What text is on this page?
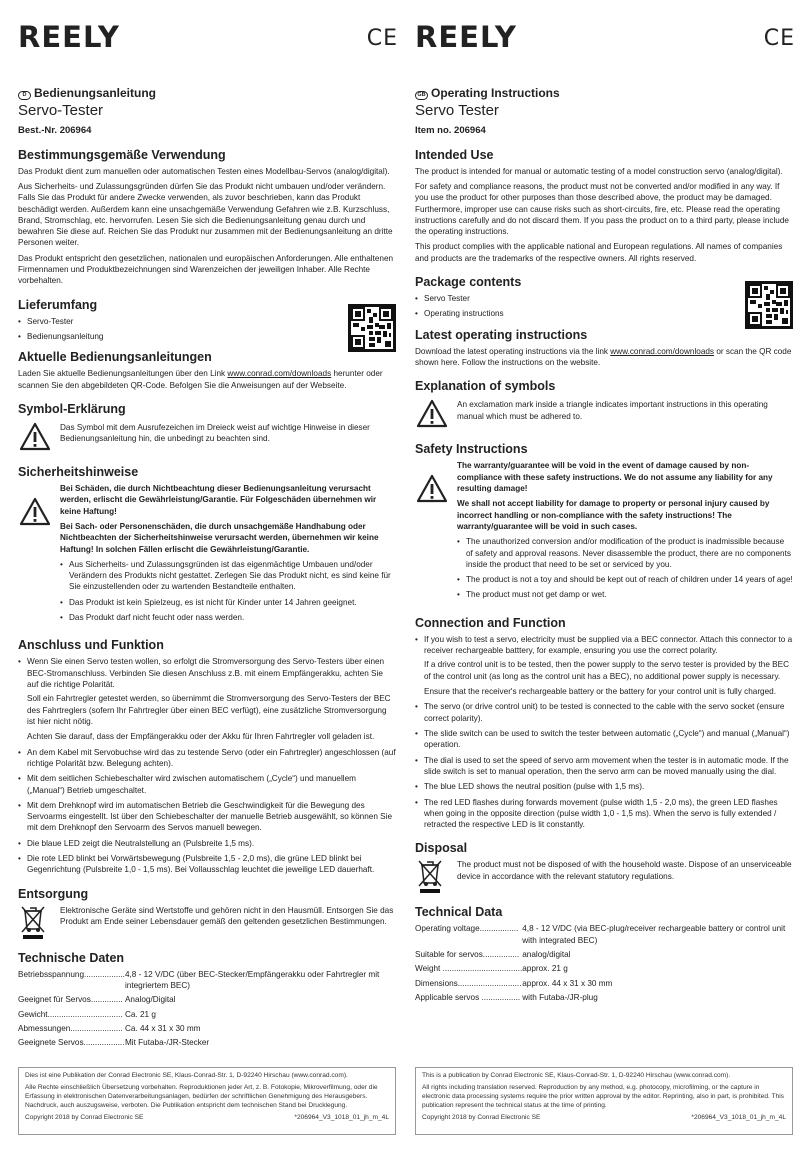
REELY	CE
D Bedienungsanleitung
Servo-Tester
Best.-Nr. 206964
Bestimmungsgemäße Verwendung

Das Produkt dient zum manuellen oder automatischen Testen eines Modellbau-Servos (analog/digital).

Aus Sicherheits- und Zulassungsgründen dürfen Sie das Produkt nicht umbauen und/oder verändern. Falls Sie das Produkt für andere Zwecke verwenden, als zuvor beschrieben, kann das Produkt beschädigt werden. Außerdem kann eine unsachgemäße Verwendung Gefahren wie z.B. Kurzschluss, Brand, Stromschlag, etc. hervorrufen. Lesen Sie sich die Bedienungsanleitung genau durch und bewahren Sie diese auf. Reichen Sie das Produkt nur zusammen mit der Bedienungsanleitung an dritte Personen weiter.

Das Produkt entspricht den gesetzlichen, nationalen und europäischen Anforderungen. Alle enthaltenen Firmennamen und Produktbezeichnungen sind Warenzeichen der jeweiligen Inhaber. Alle Rechte vorbehalten.

Lieferumfang
• Servo-Tester
• Bedienungsanleitung
Aktuelle Bedienungsanleitungen

Laden Sie aktuelle Bedienungsanleitungen über den Link www.conrad.com/downloads herunter oder scannen Sie den abgebildeten QR-Code. Befolgen Sie die Anweisungen auf der Webseite.

Symbol-Erklärung

Das Symbol mit dem Ausrufezeichen im Dreieck weist auf wichtige Hinweise in dieser Bedienungsanleitung hin, die unbedingt zu beachten sind.

Sicherheitshinweise

Bei Schäden, die durch Nichtbeachtung dieser Bedienungsanleitung verursacht werden, erlischt die Gewährleistung/Garantie. Für Folgeschäden übernehmen wir keine Haftung!

Bei Sach- oder Personenschäden, die durch unsachgemäße Handhabung oder Nichtbeachten der Sicherheitshinweise verursacht werden, übernehmen wir keine Haftung! In solchen Fällen erlischt die Gewährleistung/Garantie.

• Aus Sicherheits- und Zulassungsgründen ist das eigenmächtige Umbauen und/oder Verändern des Produkts nicht gestattet. Zerlegen Sie das Produkt nicht, es sind keine für Sie einzustellenden oder zu wartenden Bestandteile enthalten.
• Das Produkt ist kein Spielzeug, es ist nicht für Kinder unter 14 Jahren geeignet.
• Das Produkt darf nicht feucht oder nass werden.
Anschluss und Funktion
• Wenn Sie einen Servo testen wollen, so erfolgt die Stromversorgung des Servo-Testers über einen BEC-Stromanschluss. Verbinden Sie diesen Anschluss z.B. mit einem Empfängerakku, achten Sie auf die richtige Polarität.

Soll ein Fahrtregler getestet werden, so übernimmt die Stromversorgung des Servo-Testers der BEC des Fahrtreglers (sofern Ihr Fahrtregler über einen BEC verfügt), eine zusätzliche Stromversorgung ist hier nicht nötig.

Achten Sie darauf, dass der Empfängerakku oder der Akku für Ihren Fahrtregler voll geladen ist.

• An dem Kabel mit Servobuchse wird das zu testende Servo (oder ein Fahrtregler) angeschlossen (auf richtige Polarität bzw. Belegung achten).
• Mit dem seitlichen Schiebeschalter wird zwischen automatischem („Cycle“) und manuellem („Manual“) Betrieb umgeschaltet.
• Mit dem Drehknopf wird im automatischen Betrieb die Geschwindigkeit für die Bewegung des Servoarms eingestellt. Ist über den Schiebeschalter der manuelle Betrieb ausgewählt, so können Sie mit dem Drehknopf den Servoarm des Servos manuell bewegen.
• Die blaue LED zeigt die Neutralstellung an (Pulsbreite 1,5 ms).
• Die rote LED blinkt bei Vorwärtsbewegung (Pulsbreite 1,5 - 2,0 ms), die grüne LED blinkt bei Gegenrichtung (Pulsbreite 1,0 - 1,5 ms). Bei Vollausschlag leuchtet die jeweilige LED dauerhaft.
Entsorgung

Elektronische Geräte sind Wertstoffe und gehören nicht in den Hausmüll. Entsorgen Sie das Produkt am Ende seiner Lebensdauer gemäß den geltenden gesetzlichen Bestimmungen.

Technische Daten
Betriebsspannung..................	4,8 - 12 V/DC (über BEC-Stecker/Empfängerakku oder Fahrtregler mit integriertem BEC)
Geeignet für Servos..............	Analog/Digital
Gewicht.................................	Ca. 21 g
Abmessungen.......................	Ca. 44 x 31 x 30 mm
Geeignete Servos..................	Mit Futaba-/JR-Stecker

Dies ist eine Publikation der Conrad Electronic SE, Klaus-Conrad-Str. 1, D-92240 Hirschau (www.conrad.com).

Alle Rechte einschließlich Übersetzung vorbehalten. Reproduktionen jeder Art, z. B. Fotokopie, Mikroverfilmung, oder die Erfassung in elektronischen Datenverarbeitungsanlagen, bedürfen der schriftlichen Genehmigung des Herausgebers. Nachdruck, auch auszugsweise, verboten. Die Publikation entspricht dem technischen Stand bei Drucklegung.

Copyright 2018 by Conrad Electronic SE	*206964_V3_1018_01_jh_m_4L
REELY	CE
GB Operating Instructions
Servo Tester
Item no. 206964
Intended Use

The product is intended for manual or automatic testing of a model construction servo (analog/digital).

For safety and compliance reasons, the product must not be converted and/or modified in any way. If you use the product for other purposes than those described above, the product may be damaged. Furthermore, improper use can cause risks such as short-circuits, fire, etc. Please read the operating instructions carefully and do not discard them. If you pass the product on to a third party, please include the operating instructions.

This product complies with the applicable national and European regulations. All names of companies and products are the trademarks of the respective owners. All rights reserved.

Package contents
• Servo Tester
• Operating instructions
Latest operating instructions

Download the latest operating instructions via the link www.conrad.com/downloads or scan the QR code shown here. Follow the instructions on the website.

Explanation of symbols

An exclamation mark inside a triangle indicates important instructions in this operating manual which must be adhered to.

Safety Instructions

The warranty/guarantee will be void in the event of damage caused by non-compliance with these safety instructions. We do not assume any liability for any resulting damage!

We shall not accept liability for damage to property or personal injury caused by incorrect handling or non-compliance with the safety instructions! The warranty/guarantee will be void in such cases.

• The unauthorized conversion and/or modification of the product is inadmissible because of safety and approval reasons. Never disassemble the product, there are no components inside the product that need to be set or serviced by you.
• The product is not a toy and should be kept out of reach of children under 14 years of age!
• The product must not get damp or wet.
Connection and Function
• If you wish to test a servo, electricity must be supplied via a BEC connector. Attach this connector to a receiver rechargeable batttery, for example, ensuring you use the correct polarity.

If a drive control unit is to be tested, then the power supply to the servo tester is provided by the BEC of the control unit (as long as the control unit has a BEC), no additional power supply is necessary.

Ensure that the receiver's rechargeable battery or the battery for your control unit is fully charged.

• The servo (or drive control unit) to be tested is connected to the cable with the servo socket (ensure correct polarity).
• The slide switch can be used to switch the tester between automatic („Cycle“) and manual („Manual“) operation.
• The dial is used to set the speed of servo arm movement when the tester is in automatic mode. If the slide switch is set to manual operation, then the servo arm can be moved manually using the dial.
• The blue LED shows the neutral position (pulse with 1,5 ms).
• The red LED flashes during forwards movement (pulse width 1,5 - 2,0 ms), the green LED flashes when going in the opposite direction (pulse width 1,0 - 1,5 ms). When the servo is fully extended / retracted the respective LED is lit constantly.
Disposal

The product must not be disposed of with the household waste. Dispose of an unserviceable device in accordance with the relevant statutory regulations.

Technical Data
Operating voltage.................	4,8 - 12 V/DC (via BEC-plug/receiver rechargeable battery or control unit with integrated BEC)
Suitable for servos................	analog/digital
Weight ...................................	approx. 21 g
Dimensions............................	approx. 44 x 31 x 30 mm
Applicable servos .................	with Futaba-/JR-plug

This is a publication by Conrad Electronic SE, Klaus-Conrad-Str. 1, D-92240 Hirschau (www.conrad.com).

All rights including translation reserved. Reproduction by any method, e.g. photocopy, microfilming, or the capture in electronic data processing systems require the prior written approval by the editor. Reprinting, also in part, is prohibited. This publication represent the technical status at the time of printing.

Copyright 2018 by Conrad Electronic SE	*206964_V3_1018_01_jh_m_4L
